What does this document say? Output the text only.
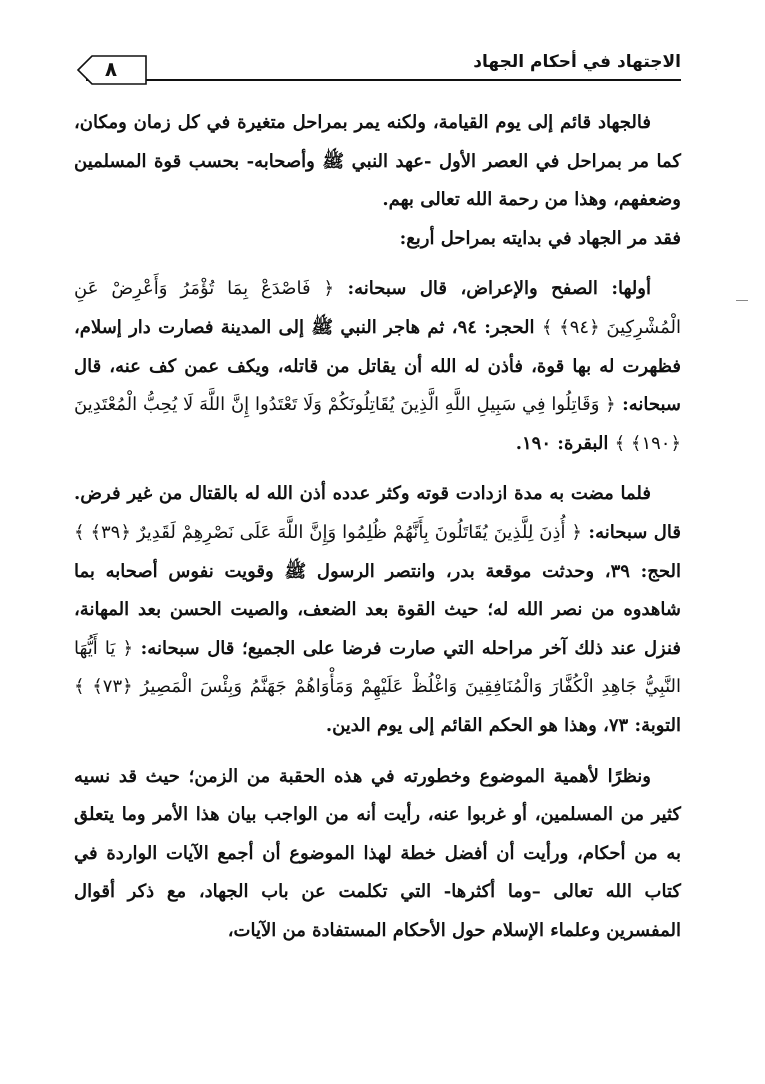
الاجتهاد في أحكام الجهاد
٨

فالجهاد قائم إلى يوم القيامة، ولكنه يمر بمراحل متغيرة في كل زمان ومكان، كما مر بمراحل في العصر الأول -عهد النبي ﷺ وأصحابه- بحسب قوة المسلمين وضعفهم، وهذا من رحمة الله تعالى بهم.

فقد مر الجهاد في بدايته بمراحل أربع:

أولها: الصفح والإعراض، قال سبحانه: ﴿ فَاصْدَعْ بِمَا تُؤْمَرُ وَأَعْرِضْ عَنِ الْمُشْرِكِينَ ﴿٩٤﴾ ﴾ الحجر: ٩٤، ثم هاجر النبي ﷺ إلى المدينة فصارت دار إسلام، فظهرت له بها قوة، فأذن له الله أن يقاتل من قاتله، ويكف عمن كف عنه، قال سبحانه: ﴿ وَقَاتِلُوا فِي سَبِيلِ اللَّهِ الَّذِينَ يُقَاتِلُونَكُمْ وَلَا تَعْتَدُوا إِنَّ اللَّهَ لَا يُحِبُّ الْمُعْتَدِينَ ﴿١٩٠﴾ ﴾ البقرة: ١٩٠.

فلما مضت به مدة ازدادت قوته وكثر عدده أذن الله له بالقتال من غير فرض. قال سبحانه: ﴿ أُذِنَ لِلَّذِينَ يُقَاتَلُونَ بِأَنَّهُمْ ظُلِمُوا وَإِنَّ اللَّهَ عَلَى نَصْرِهِمْ لَقَدِيرٌ ﴿٣٩﴾ ﴾ الحج: ٣٩، وحدثت موقعة بدر، وانتصر الرسول ﷺ وقويت نفوس أصحابه بما شاهدوه من نصر الله له؛ حيث القوة بعد الضعف، والصيت الحسن بعد المهانة، فنزل عند ذلك آخر مراحله التي صارت فرضا على الجميع؛ قال سبحانه: ﴿ يَا أَيُّهَا النَّبِيُّ جَاهِدِ الْكُفَّارَ وَالْمُنَافِقِينَ وَاغْلُظْ عَلَيْهِمْ وَمَأْوَاهُمْ جَهَنَّمُ وَبِئْسَ الْمَصِيرُ ﴿٧٣﴾ ﴾ التوبة: ٧٣، وهذا هو الحكم القائم إلى يوم الدين.

ونظرًا لأهمية الموضوع وخطورته في هذه الحقبة من الزمن؛ حيث قد نسيه كثير من المسلمين، أو غربوا عنه، رأيت أنه من الواجب بيان هذا الأمر وما يتعلق به من أحكام، ورأيت أن أفضل خطة لهذا الموضوع أن أجمع الآيات الواردة في كتاب الله تعالى –وما أكثرها- التي تكلمت عن باب الجهاد، مع ذكر أقوال المفسرين وعلماء الإسلام حول الأحكام المستفادة من الآيات،
